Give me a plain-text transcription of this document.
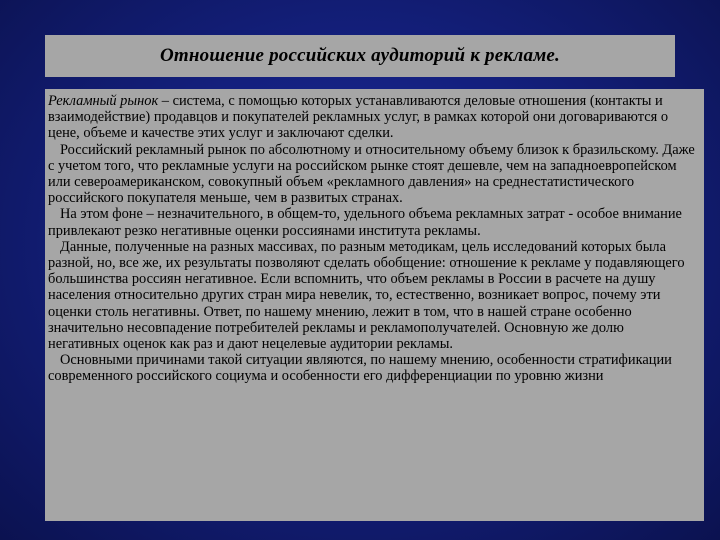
Отношение российских аудиторий к рекламе.

Рекламный рынок – система, с помощью которых устанавливаются деловые отношения (контакты и взаимодействие) продавцов и покупателей рекламных услуг, в рамках которой они договариваются о цене, объеме и качестве этих услуг и заключают сделки.

Российский рекламный рынок по абсолютному и относительному объему близок к бразильскому. Даже с учетом того, что рекламные услуги на российском рынке стоят дешевле, чем на западноевропейском или североамериканском, совокупный объем «рекламного давления» на среднестатистического российского покупателя меньше, чем в развитых странах.

На этом фоне – незначительного, в общем-то, удельного объема рекламных затрат - особое внимание привлекают резко негативные оценки россиянами института рекламы.

Данные, полученные на разных массивах, по разным методикам, цель исследований которых была разной, но, все же, их результаты позволяют сделать обобщение: отношение к рекламе у подавляющего большинства россиян негативное. Если вспомнить, что объем рекламы в России в расчете на душу населения относительно других стран мира невелик, то, естественно, возникает вопрос, почему эти оценки столь негативны. Ответ, по нашему мнению, лежит в том, что в нашей стране особенно значительно несовпадение потребителей рекламы и рекламополучателей. Основную же долю негативных оценок как раз и дают нецелевые аудитории рекламы.

Основными причинами такой ситуации являются, по нашему мнению, особенности стратификации современного российского социума и особенности его дифференциации по уровню жизни
